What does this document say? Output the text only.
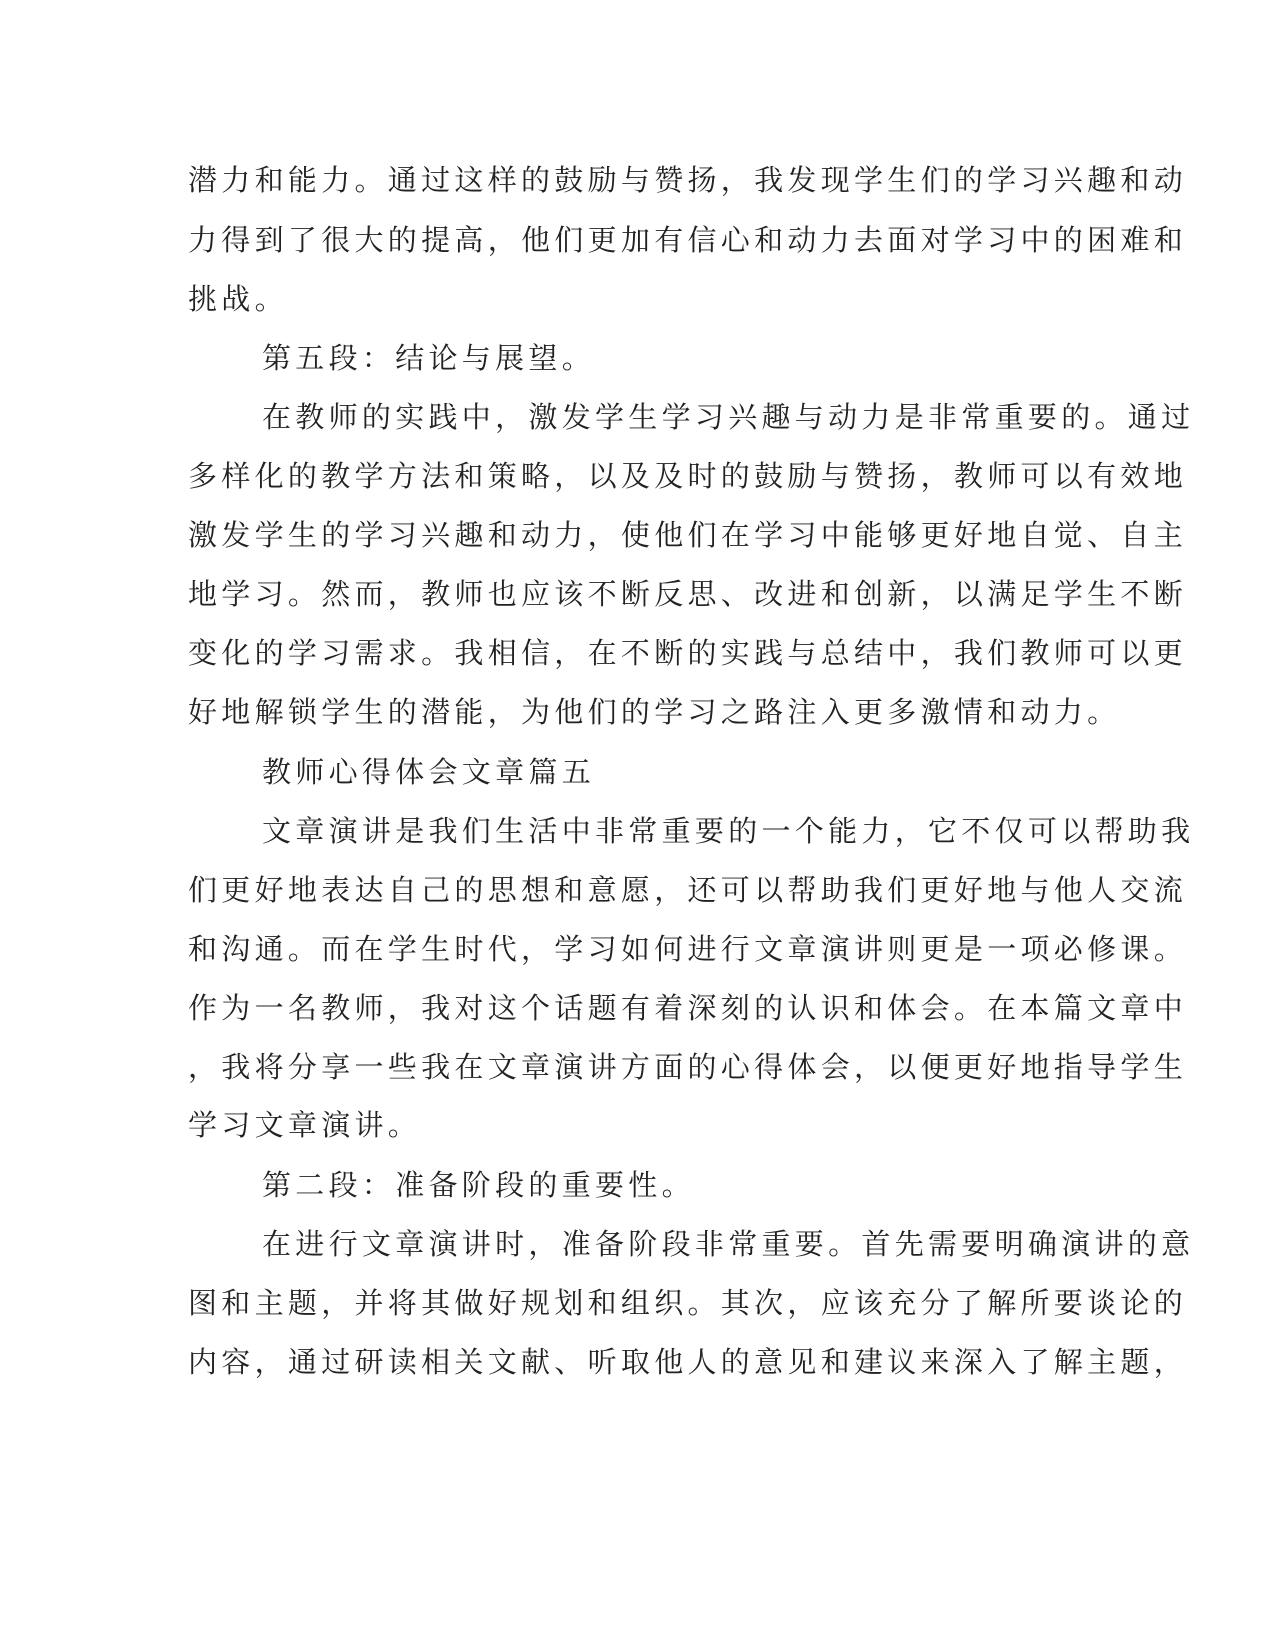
潜力和能力。通过这样的鼓励与赞扬，我发现学生们的学习兴趣和动
力得到了很大的提高，他们更加有信心和动力去面对学习中的困难和
挑战。
第五段：结论与展望。
在教师的实践中，激发学生学习兴趣与动力是非常重要的。通过
多样化的教学方法和策略，以及及时的鼓励与赞扬，教师可以有效地
激发学生的学习兴趣和动力，使他们在学习中能够更好地自觉、自主
地学习。然而，教师也应该不断反思、改进和创新，以满足学生不断
变化的学习需求。我相信，在不断的实践与总结中，我们教师可以更
好地解锁学生的潜能，为他们的学习之路注入更多激情和动力。
教师心得体会文章篇五
文章演讲是我们生活中非常重要的一个能力，它不仅可以帮助我
们更好地表达自己的思想和意愿，还可以帮助我们更好地与他人交流
和沟通。而在学生时代，学习如何进行文章演讲则更是一项必修课。
作为一名教师，我对这个话题有着深刻的认识和体会。在本篇文章中
，我将分享一些我在文章演讲方面的心得体会，以便更好地指导学生
学习文章演讲。
第二段：准备阶段的重要性。
在进行文章演讲时，准备阶段非常重要。首先需要明确演讲的意
图和主题，并将其做好规划和组织。其次，应该充分了解所要谈论的
内容，通过研读相关文献、听取他人的意见和建议来深入了解主题，
